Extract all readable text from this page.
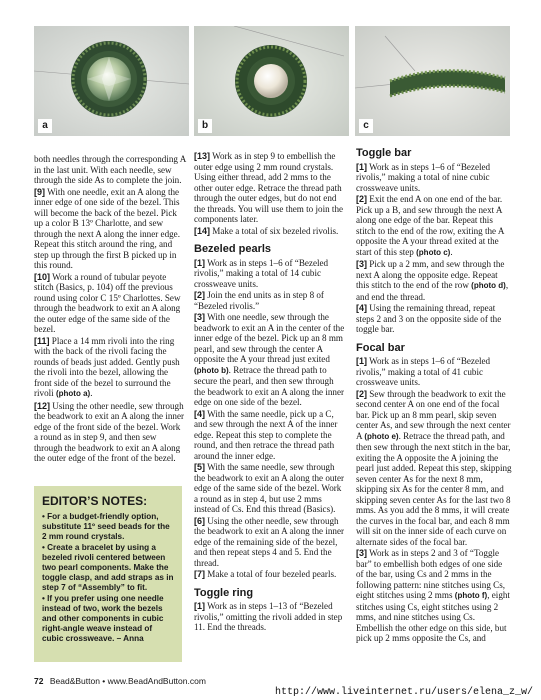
a	b	c

both needles through the corresponding A in the last unit. With each needle, sew through the side As to complete the join.

[9] With one needle, exit an A along the inner edge of one side of the bezel. This will become the back of the bezel. Pick up a color B 13º Charlotte, and sew through the next A along the inner edge. Repeat this stitch around the ring, and step up through the first B picked up in this round.

[10] Work a round of tubular peyote stitch (Basics, p. 104) off the previous round using color C 15º Charlottes. Sew through the beadwork to exit an A along the outer edge of the same side of the bezel.

[11] Place a 14 mm rivoli into the ring with the back of the rivoli facing the rounds of beads just added. Gently push the rivoli into the bezel, allowing the front side of the bezel to surround the rivoli (photo a).

[12] Using the other needle, sew through the beadwork to exit an A along the inner edge of the front side of the bezel. Work a round as in step 9, and then sew through the beadwork to exit an A along the outer edge of the front of the bezel.

[13] Work as in step 9 to embellish the outer edge using 2 mm round crystals. Using either thread, add 2 mms to the other outer edge. Retrace the thread path through the outer edges, but do not end the threads. You will use them to join the components later.

[14] Make a total of six bezeled rivolis.

Bezeled pearls

[1] Work as in steps 1–6 of “Bezeled rivolis,” making a total of 14 cubic crossweave units.

[2] Join the end units as in step 8 of “Bezeled rivolis.”

[3] With one needle, sew through the beadwork to exit an A in the center of the inner edge of the bezel. Pick up an 8 mm pearl, and sew through the center A opposite the A your thread just exited (photo b). Retrace the thread path to secure the pearl, and then sew through the beadwork to exit an A along the inner edge on one side of the bezel.

[4] With the same needle, pick up a C, and sew through the next A of the inner edge. Repeat this step to complete the round, and then retrace the thread path around the inner edge.

[5] With the same needle, sew through the beadwork to exit an A along the outer edge of the same side of the bezel. Work a round as in step 4, but use 2 mms instead of Cs. End this thread (Basics).

[6] Using the other needle, sew through the beadwork to exit an A along the inner edge of the remaining side of the bezel, and then repeat steps 4 and 5. End the thread.

[7] Make a total of four bezeled pearls.

Toggle ring

[1] Work as in steps 1–13 of “Bezeled rivolis,” omitting the rivoli added in step 11. End the threads.

Toggle bar

[1] Work as in steps 1–6 of “Bezeled rivolis,” making a total of nine cubic crossweave units.

[2] Exit the end A on one end of the bar. Pick up a B, and sew through the next A along one edge of the bar. Repeat this stitch to the end of the row, exiting the A opposite the A your thread exited at the start of this step (photo c).

[3] Pick up a 2 mm, and sew through the next A along the opposite edge. Repeat this stitch to the end of the row (photo d), and end the thread.

[4] Using the remaining thread, repeat steps 2 and 3 on the opposite side of the toggle bar.

Focal bar

[1] Work as in steps 1–6 of “Bezeled rivolis,” making a total of 41 cubic crossweave units.

[2] Sew through the beadwork to exit the second center A on one end of the focal bar. Pick up an 8 mm pearl, skip seven center As, and sew through the next center A (photo e). Retrace the thread path, and then sew through the next stitch in the bar, exiting the A opposite the A joining the pearl just added. Repeat this step, skipping seven center As for the next 8 mm, skipping six As for the center 8 mm, and skipping seven center As for the last two 8 mms. As you add the 8 mms, it will create the curves in the focal bar, and each 8 mm will sit on the inner side of each curve on alternate sides of the focal bar.

[3] Work as in steps 2 and 3 of “Toggle bar” to embellish both edges of one side of the bar, using Cs and 2 mms in the following pattern: nine stitches using Cs, eight stitches using 2 mms (photo f), eight stitches using Cs, eight stitches using 2 mms, and nine stitches using Cs. Embellish the other edge on this side, but pick up 2 mms opposite the Cs, and

EDITOR’S NOTES:
• For a budget-friendly option, substitute 11º seed beads for the 2 mm round crystals.
• Create a bracelet by using a bezeled rivoli centered between two pearl components. Make the toggle clasp, and add straps as in step 7 of “Assembly” to fit.
• If you prefer using one needle instead of two, work the bezels and other components in cubic right-angle weave instead of cubic crossweave. – Anna
72 Bead&Button • www.BeadAndButton.com
http://www.liveinternet.ru/users/elena_z_w/
